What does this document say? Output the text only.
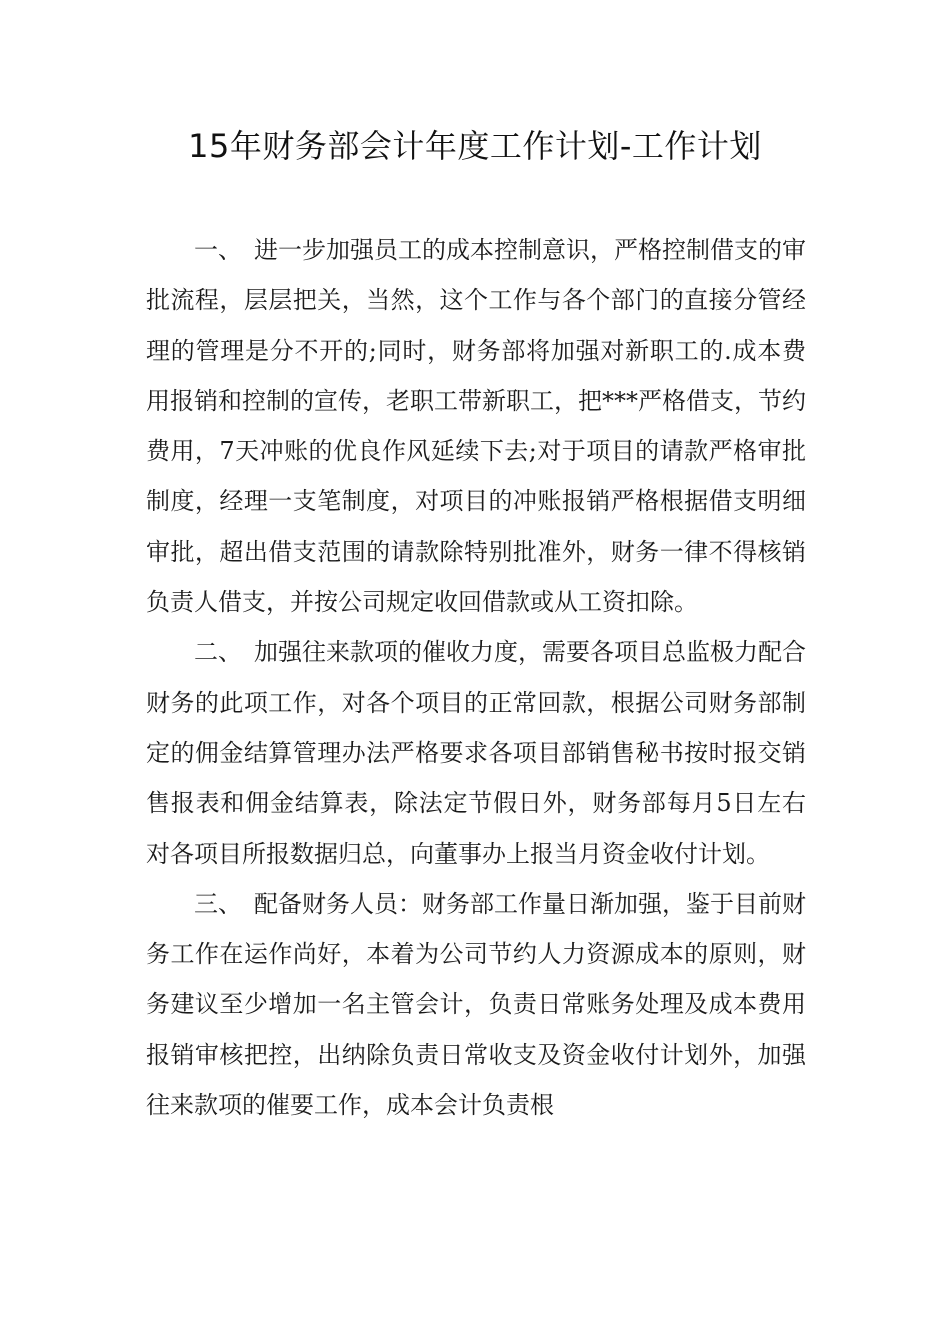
15年财务部会计年度工作计划-工作计划

一、 进一步加强员工的成本控制意识，严格控制借支的审批流程，层层把关，当然，这个工作与各个部门的直接分管经理的管理是分不开的;同时，财务部将加强对新职工的.成本费用报销和控制的宣传，老职工带新职工，把***严格借支，节约费用，7天冲账的优良作风延续下去;对于项目的请款严格审批制度，经理一支笔制度，对项目的冲账报销严格根据借支明细审批，超出借支范围的请款除特别批准外，财务一律不得核销负责人借支，并按公司规定收回借款或从工资扣除。

二、 加强往来款项的催收力度，需要各项目总监极力配合财务的此项工作，对各个项目的正常回款，根据公司财务部制定的佣金结算管理办法严格要求各项目部销售秘书按时报交销售报表和佣金结算表，除法定节假日外，财务部每月5日左右对各项目所报数据归总，向董事办上报当月资金收付计划。

三、 配备财务人员：财务部工作量日渐加强，鉴于目前财务工作在运作尚好，本着为公司节约人力资源成本的原则，财务建议至少增加一名主管会计，负责日常账务处理及成本费用报销审核把控，出纳除负责日常收支及资金收付计划外，加强往来款项的催要工作，成本会计负责根
